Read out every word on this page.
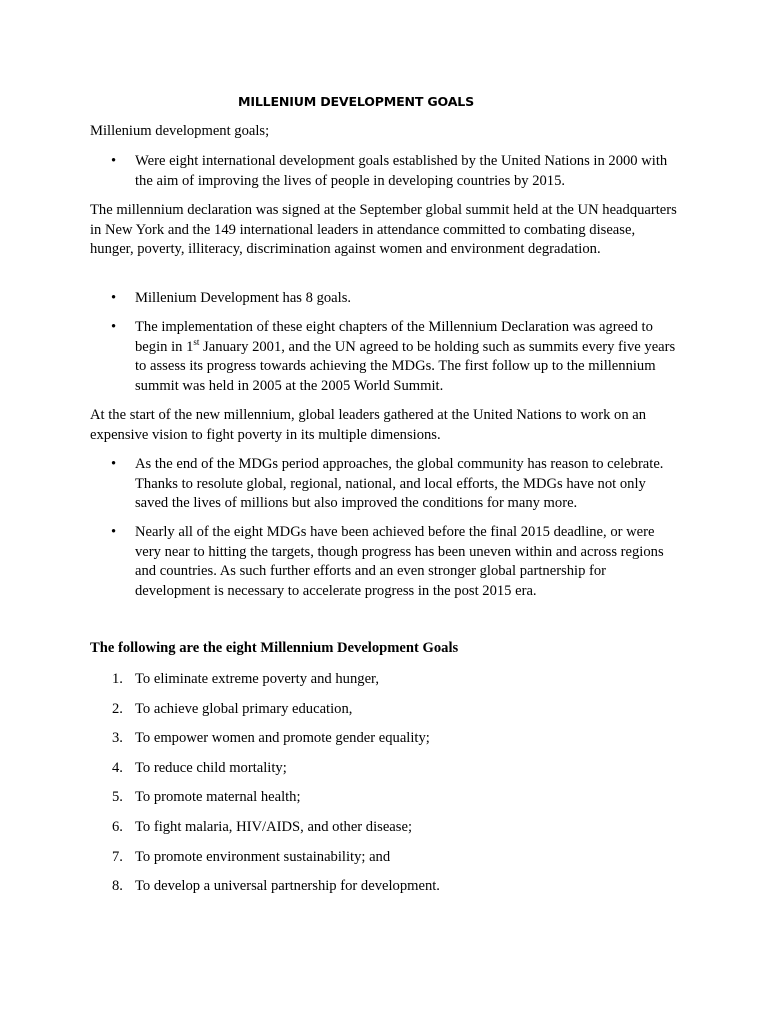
MILLENIUM DEVELOPMENT GOALS

Millenium development goals;

•	Were eight international development goals established by the United Nations in 2000 with the aim of improving the lives of people in developing countries by 2015.

The millennium declaration was signed at the September global summit held at the UN headquarters in New York and the 149 international leaders in attendance committed to combating disease, hunger, poverty, illiteracy, discrimination against women and environment degradation.

•	Millenium Development has 8 goals.
•	The implementation of these eight chapters of the Millennium Declaration was agreed to begin in 1st January 2001, and the UN agreed to be holding such as summits every five years to assess its progress towards achieving the MDGs. The first follow up to the millennium summit was held in 2005 at the 2005 World Summit.

At the start of the new millennium, global leaders gathered at the United Nations to work on an expensive vision to fight poverty in its multiple dimensions.

•	As the end of the MDGs period approaches, the global community has reason to celebrate. Thanks to resolute global, regional, national, and local efforts, the MDGs have not only saved the lives of millions but also improved the conditions for many more.
•	Nearly all of the eight MDGs have been achieved before the final 2015 deadline, or were very near to hitting the targets, though progress has been uneven within and across regions and countries. As such further efforts and an even stronger global partnership for development is necessary to accelerate progress in the post 2015 era.

The following are the eight Millennium Development Goals

1. To eliminate extreme poverty and hunger,
2. To achieve global primary education,
3. To empower women and promote gender equality;
4. To reduce child mortality;
5. To promote maternal health;
6. To fight malaria, HIV/AIDS, and other disease;
7. To promote environment sustainability; and
8. To develop a universal partnership for development.
